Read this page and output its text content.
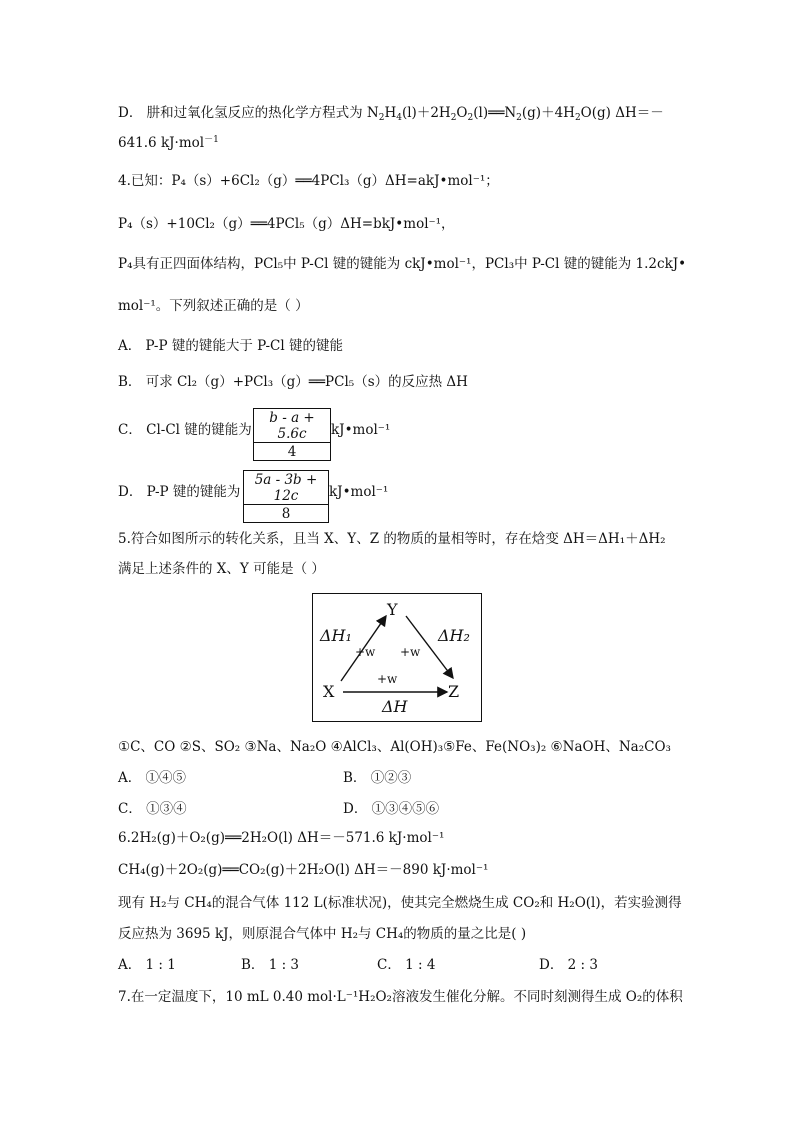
D． 肼和过氧化氢反应的热化学方程式为 $N_2H_4(l)+2H_2O_2(l)══N_2(g)+4H_2O(g)$ ΔH＝－
641.6 kJ·mol$^{-1}$
4.已知：P₄（s）+6Cl₂（g）══4PCl₃（g）ΔH=akJ•mol⁻¹；
P₄（s）+10Cl₂（g）══4PCl₅（g）ΔH=bkJ•mol⁻¹，
P₄具有正四面体结构，PCl₅中 P-Cl 键的键能为 ckJ•mol⁻¹，PCl₃中 P-Cl 键的键能为 1.2ckJ•
mol⁻¹。下列叙述正确的是（ ）
A． P-P 键的键能大于 P-Cl 键的键能
B． 可求 Cl₂（g）+PCl₃（g）══PCl₅（s）的反应热 ΔH
C． Cl-Cl 键的键能为 $\frac{b - a + 5.6c}{4}$ kJ•mol⁻¹
D． P-P 键的键能为 $\frac{5a - 3b + 12c}{8}$ kJ•mol⁻¹
5.符合如图所示的转化关系，且当 X、Y、Z 的物质的量相等时，存在焓变 ΔH＝ΔH₁＋ΔH₂
满足上述条件的 X、Y 可能是（ ）
Y
X	Z
ΔH₁	ΔH₂
ΔH
+w +w
+w
①C、CO ②S、SO₂ ③Na、Na₂O ④AlCl₃、Al(OH)₃⑤Fe、Fe(NO₃)₂ ⑥NaOH、Na₂CO₃
A． ①④⑤	B． ①②③
C． ①③④	D． ①③④⑤⑥
6.2H₂(g)＋O₂(g)══2H₂O(l) ΔH＝－571.6 kJ·mol⁻¹
CH₄(g)＋2O₂(g)══CO₂(g)＋2H₂O(l) ΔH＝－890 kJ·mol⁻¹
现有 H₂与 CH₄的混合气体 112 L(标准状况)，使其完全燃烧生成 CO₂和 H₂O(l)，若实验测得
反应热为 3695 kJ，则原混合气体中 H₂与 CH₄的物质的量之比是( )
A． 1 : 1	B． 1 : 3	C． 1 : 4	D． 2 : 3
7.在一定温度下，10 mL 0.40 mol·L⁻¹H₂O₂溶液发生催化分解。不同时刻测得生成 O₂的体积
